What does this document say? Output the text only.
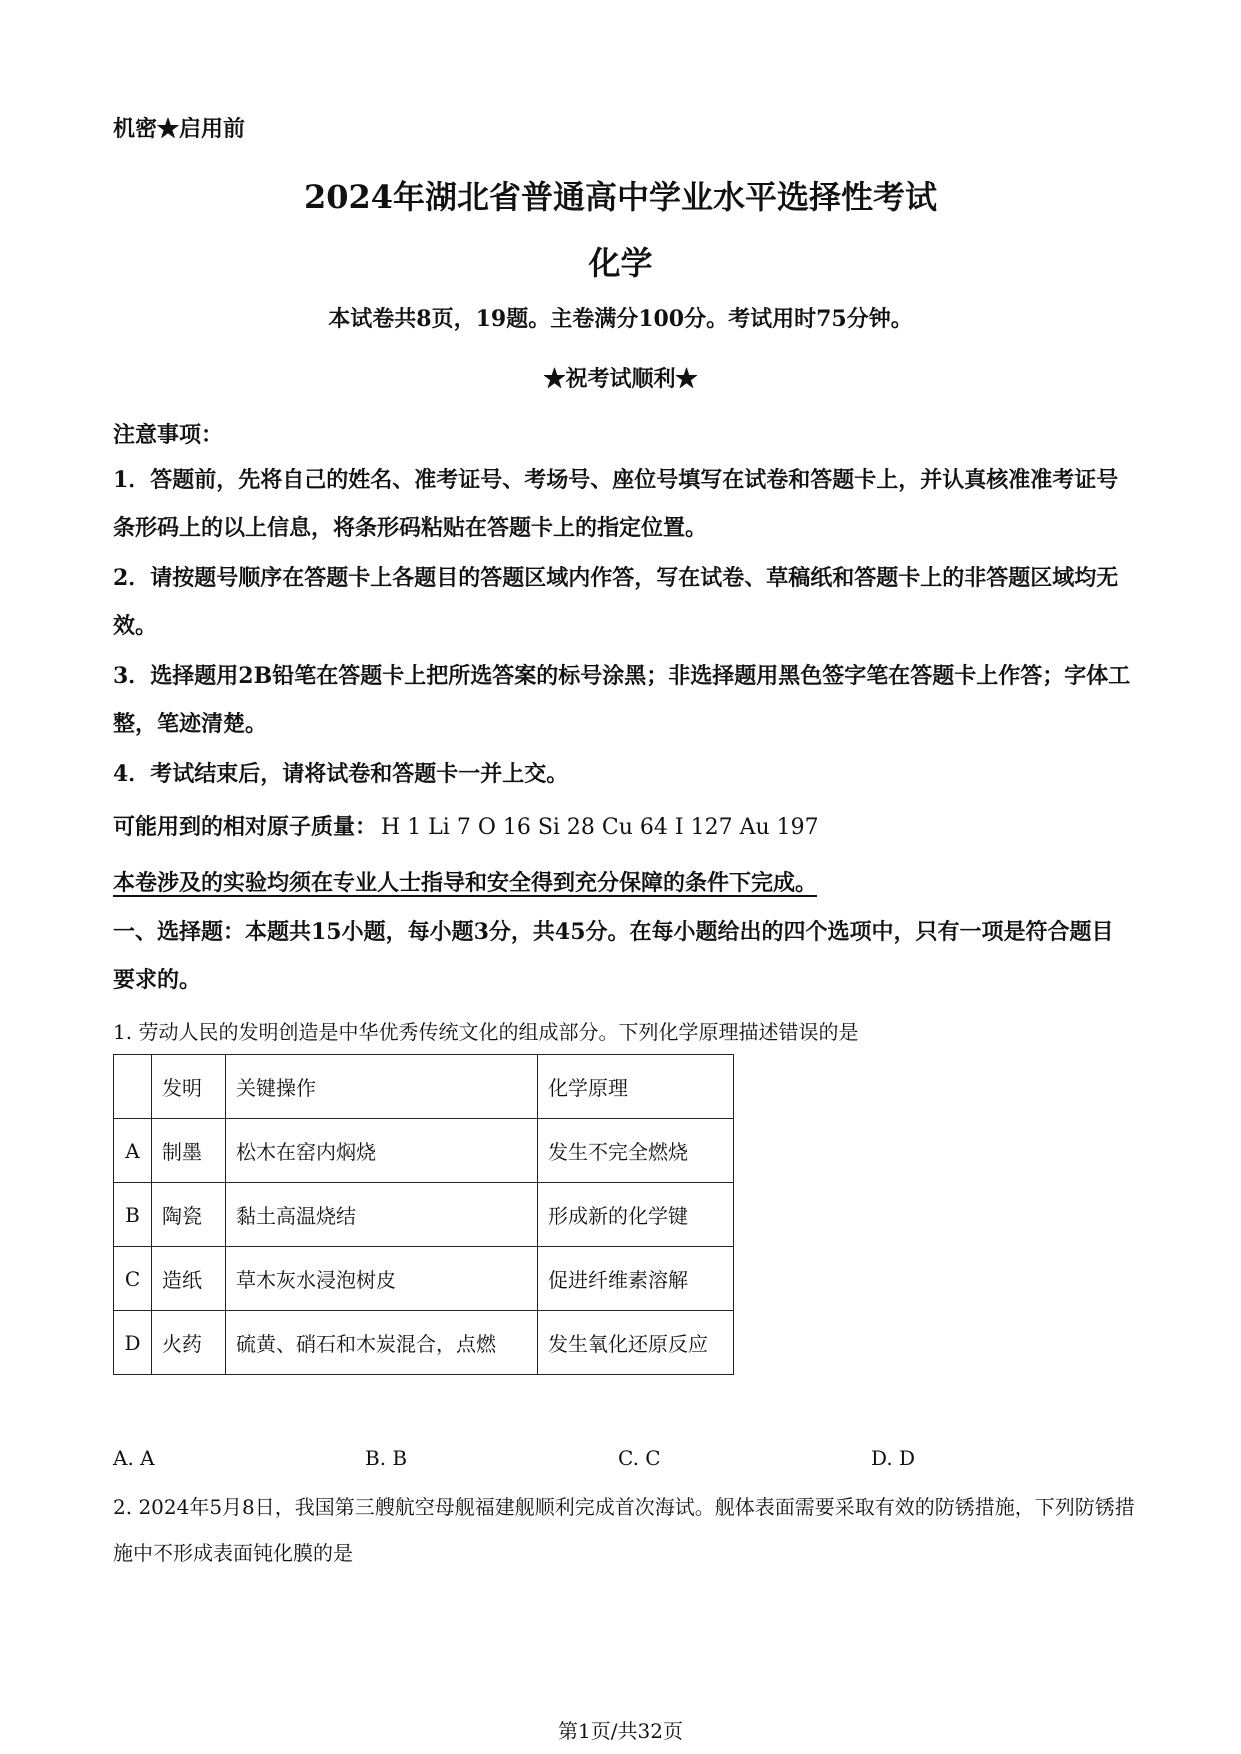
机密★启用前
2024年湖北省普通高中学业水平选择性考试
化学
本试卷共8页，19题。主卷满分100分。考试用时75分钟。
★祝考试顺利★
注意事项：
1．答题前，先将自己的姓名、准考证号、考场号、座位号填写在试卷和答题卡上，并认真核准准考证号条形码上的以上信息，将条形码粘贴在答题卡上的指定位置。
2．请按题号顺序在答题卡上各题目的答题区域内作答，写在试卷、草稿纸和答题卡上的非答题区域均无效。
3．选择题用2B铅笔在答题卡上把所选答案的标号涂黑；非选择题用黑色签字笔在答题卡上作答；字体工整，笔迹清楚。
4．考试结束后，请将试卷和答题卡一并上交。
可能用到的相对原子质量： H 1 Li 7 O 16 Si 28 Cu 64 I 127 Au 197
本卷涉及的实验均须在专业人士指导和安全得到充分保障的条件下完成。
一、选择题：本题共15小题，每小题3分，共45分。在每小题给出的四个选项中，只有一项是符合题目要求的。
1. 劳动人民的发明创造是中华优秀传统文化的组成部分。下列化学原理描述错误的是
	发明	关键操作	化学原理
A	制墨	松木在窑内焖烧	发生不完全燃烧
B	陶瓷	黏土高温烧结	形成新的化学键
C	造纸	草木灰水浸泡树皮	促进纤维素溶解
D	火药	硫黄、硝石和木炭混合，点燃	发生氧化还原反应
A. A	B. B	C. C	D. D
2. 2024年5月8日，我国第三艘航空母舰福建舰顺利完成首次海试。舰体表面需要采取有效的防锈措施，下列防锈措施中不形成表面钝化膜的是
第1页/共32页
